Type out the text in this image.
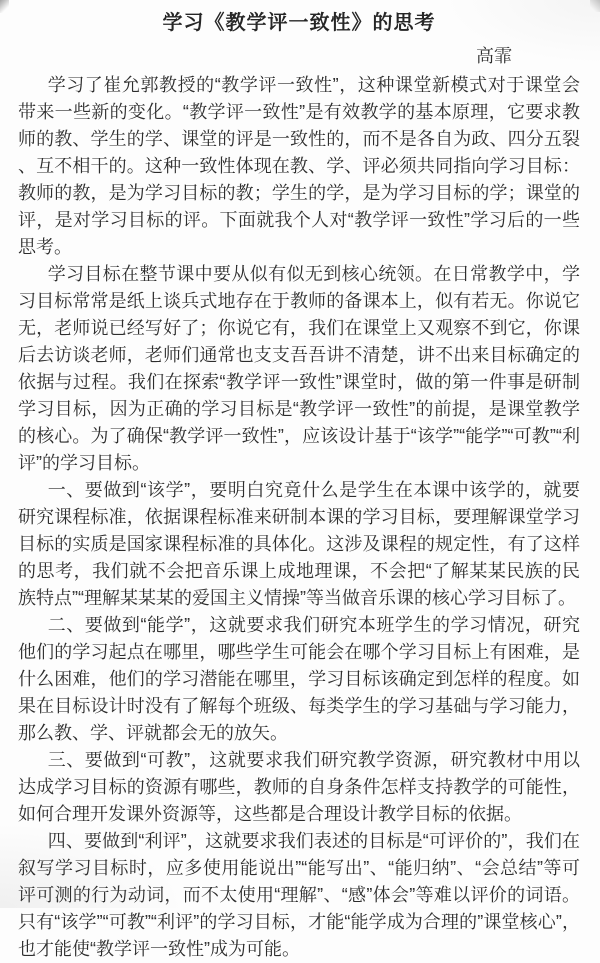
学习《教学评一致性》的思考
高霏

学习了崔允郭教授的“教学评一致性”，这种课堂新模式对于课堂会带来一些新的变化。“教学评一致性”是有效教学的基本原理，它要求教师的教、学生的学、课堂的评是一致性的，而不是各自为政、四分五裂、互不相干的。这种一致性体现在教、学、评必须共同指向学习目标：教师的教，是为学习目标的教；学生的学，是为学习目标的学；课堂的评，是对学习目标的评。下面就我个人对“教学评一致性”学习后的一些思考。

学习目标在整节课中要从似有似无到核心统领。在日常教学中，学习目标常常是纸上谈兵式地存在于教师的备课本上，似有若无。你说它无，老师说已经写好了；你说它有，我们在课堂上又观察不到它，你课后去访谈老师，老师们通常也支支吾吾讲不清楚，讲不出来目标确定的依据与过程。我们在探索“教学评一致性”课堂时，做的第一件事是研制学习目标，因为正确的学习目标是“教学评一致性”的前提，是课堂教学的核心。为了确保“教学评一致性”，应该设计基于“该学”“能学”“可教”“利评”的学习目标。

一、要做到“该学”，要明白究竟什么是学生在本课中该学的，就要研究课程标准，依据课程标准来研制本课的学习目标，要理解课堂学习目标的实质是国家课程标准的具体化。这涉及课程的规定性，有了这样的思考，我们就不会把音乐课上成地理课，不会把“了解某某民族的民族特点”“理解某某某的爱国主义情操”等当做音乐课的核心学习目标了。

二、要做到“能学”，这就要求我们研究本班学生的学习情况，研究他们的学习起点在哪里，哪些学生可能会在哪个学习目标上有困难，是什么困难，他们的学习潜能在哪里，学习目标该确定到怎样的程度。如果在目标设计时没有了解每个班级、每类学生的学习基础与学习能力，那么教、学、评就都会无的放矢。

三、要做到“可教”，这就要求我们研究教学资源，研究教材中用以达成学习目标的资源有哪些，教师的自身条件怎样支持教学的可能性，如何合理开发课外资源等，这些都是合理设计教学目标的依据。

四、要做到“利评”，这就要求我们表述的目标是“可评价的”，我们在叙写学习目标时，应多使用能说出”“能写出”、“能归纳”、“会总结”等可评可测的行为动词，而不太使用“理解”、“感”体会”等难以评价的词语。只有“该学”“可教”“利评”的学习目标，才能“能学成为合理的”课堂核心”，也才能使“教学评一致性”成为可能。
